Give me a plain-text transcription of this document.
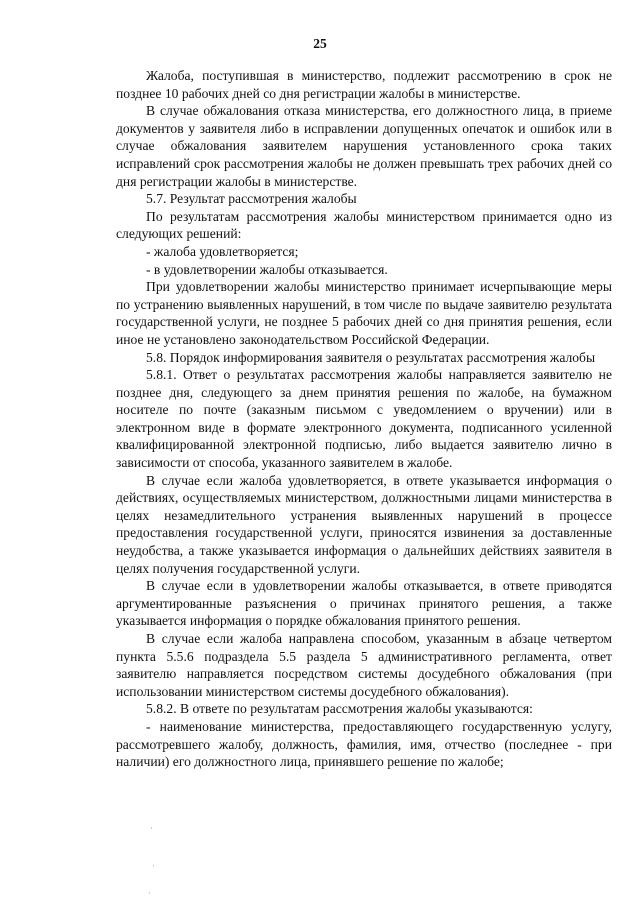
25

Жалоба, поступившая в министерство, подлежит рассмотрению в срок не позднее 10 рабочих дней со дня регистрации жалобы в министерстве.

В случае обжалования отказа министерства, его должностного лица, в приеме документов у заявителя либо в исправлении допущенных опечаток и ошибок или в случае обжалования заявителем нарушения установленного срока таких исправлений срок рассмотрения жалобы не должен превышать трех рабочих дней со дня регистрации жалобы в министерстве.

5.7. Результат рассмотрения жалобы

По результатам рассмотрения жалобы министерством принимается одно из следующих решений:

- жалоба удовлетворяется;

- в удовлетворении жалобы отказывается.

При удовлетворении жалобы министерство принимает исчерпывающие меры по устранению выявленных нарушений, в том числе по выдаче заявителю результата государственной услуги, не позднее 5 рабочих дней со дня принятия решения, если иное не установлено законодательством Российской Федерации.

5.8. Порядок информирования заявителя о результатах рассмотрения жалобы

5.8.1. Ответ о результатах рассмотрения жалобы направляется заявителю не позднее дня, следующего за днем принятия решения по жалобе, на бумажном носителе по почте (заказным письмом с уведомлением о вручении) или в электронном виде в формате электронного документа, подписанного усиленной квалифицированной электронной подписью, либо выдается заявителю лично в зависимости от способа, указанного заявителем в жалобе.

В случае если жалоба удовлетворяется, в ответе указывается информация о действиях, осуществляемых министерством, должностными лицами министерства в целях незамедлительного устранения выявленных нарушений в процессе предоставления государственной услуги, приносятся извинения за доставленные неудобства, а также указывается информация о дальнейших действиях заявителя в целях получения государственной услуги.

В случае если в удовлетворении жалобы отказывается, в ответе приводятся аргументированные разъяснения о причинах принятого решения, а также указывается информация о порядке обжалования принятого решения.

В случае если жалоба направлена способом, указанным в абзаце четвертом пункта 5.5.6 подраздела 5.5 раздела 5 административного регламента, ответ заявителю направляется посредством системы досудебного обжалования (при использовании министерством системы досудебного обжалования).

5.8.2. В ответе по результатам рассмотрения жалобы указываются:

- наименование министерства, предоставляющего государственную услугу, рассмотревшего жалобу, должность, фамилия, имя, отчество (последнее - при наличии) его должностного лица, принявшего решение по жалобе;

·
·
·
